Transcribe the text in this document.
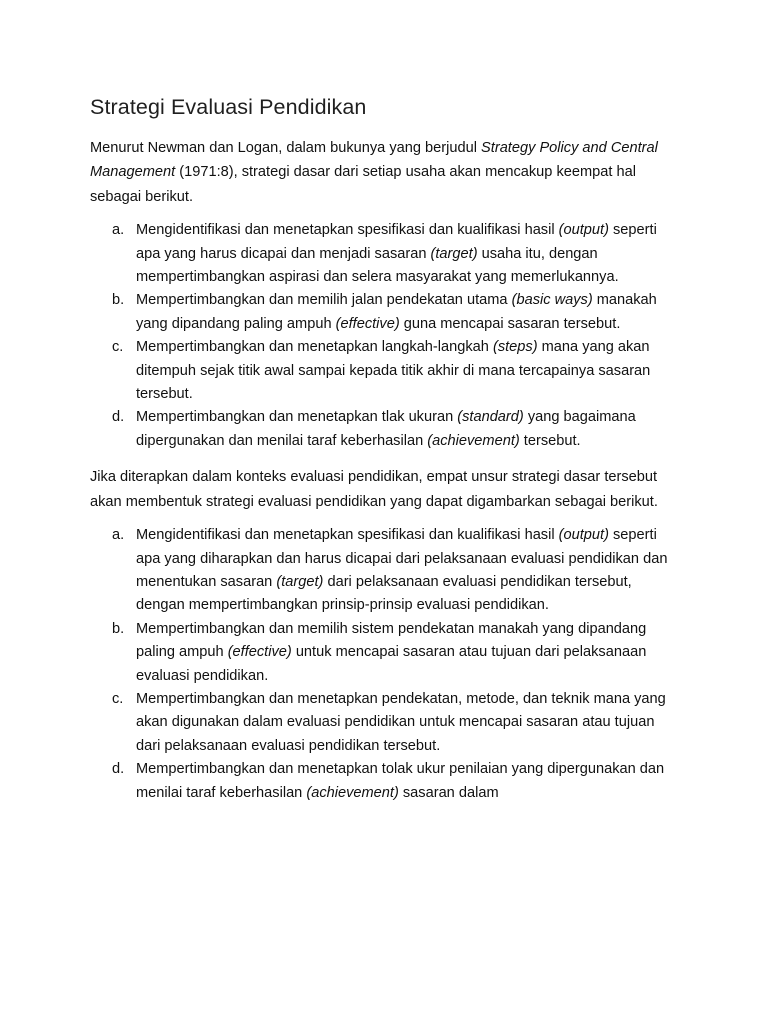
Strategi Evaluasi Pendidikan

Menurut Newman dan Logan, dalam bukunya yang berjudul Strategy Policy and Central Management (1971:8), strategi dasar dari setiap usaha akan mencakup keempat hal sebagai berikut.

a. Mengidentifikasi dan menetapkan spesifikasi dan kualifikasi hasil (output) seperti apa yang harus dicapai dan menjadi sasaran (target) usaha itu, dengan mempertimbangkan aspirasi dan selera masyarakat yang memerlukannya.
b. Mempertimbangkan dan memilih jalan pendekatan utama (basic ways) manakah yang dipandang paling ampuh (effective) guna mencapai sasaran tersebut.
c. Mempertimbangkan dan menetapkan langkah-langkah (steps) mana yang akan ditempuh sejak titik awal sampai kepada titik akhir di mana tercapainya sasaran tersebut.
d. Mempertimbangkan dan menetapkan tlak ukuran (standard) yang bagaimana dipergunakan dan menilai taraf keberhasilan (achievement) tersebut.

Jika diterapkan dalam konteks evaluasi pendidikan, empat unsur strategi dasar tersebut akan membentuk strategi evaluasi pendidikan yang dapat digambarkan sebagai berikut.

a. Mengidentifikasi dan menetapkan spesifikasi dan kualifikasi hasil (output) seperti apa yang diharapkan dan harus dicapai dari pelaksanaan evaluasi pendidikan dan menentukan sasaran (target) dari pelaksanaan evaluasi pendidikan tersebut, dengan mempertimbangkan prinsip-prinsip evaluasi pendidikan.
b. Mempertimbangkan dan memilih sistem pendekatan manakah yang dipandang paling ampuh (effective) untuk mencapai sasaran atau tujuan dari pelaksanaan evaluasi pendidikan.
c. Mempertimbangkan dan menetapkan pendekatan, metode, dan teknik mana yang akan digunakan dalam evaluasi pendidikan untuk mencapai sasaran atau tujuan dari pelaksanaan evaluasi pendidikan tersebut.
d. Mempertimbangkan dan menetapkan tolak ukur penilaian yang dipergunakan dan menilai taraf keberhasilan (achievement) sasaran dalam
